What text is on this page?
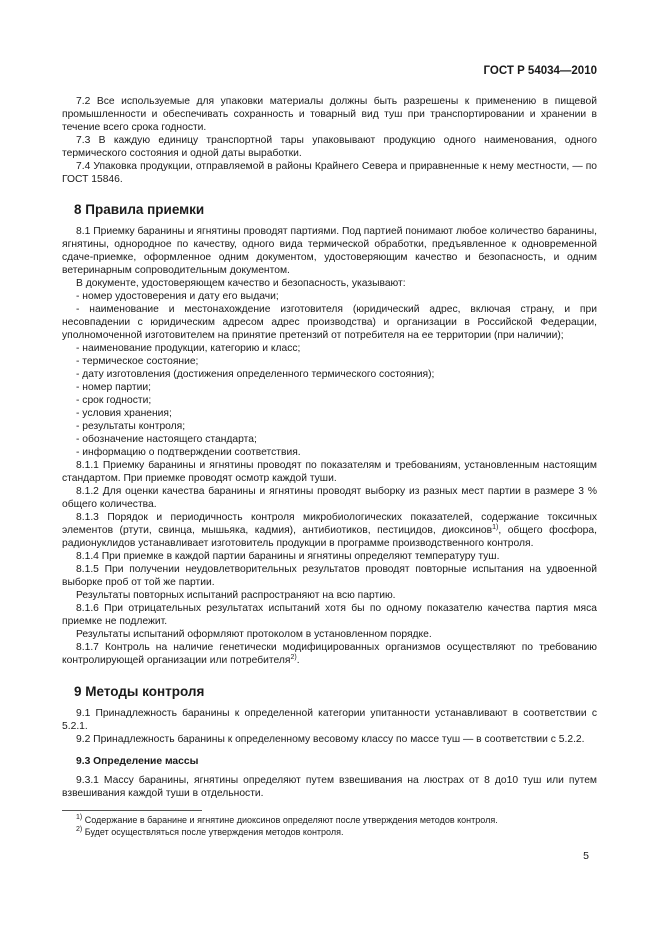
ГОСТ Р 54034—2010

7.2 Все используемые для упаковки материалы должны быть разрешены к применению в пищевой промышленности и обеспечивать сохранность и товарный вид туш при транспортировании и хранении в течение всего срока годности.

7.3 В каждую единицу транспортной тары упаковывают продукцию одного наименования, одного термического состояния и одной даты выработки.

7.4 Упаковка продукции, отправляемой в районы Крайнего Севера и приравненные к нему местности, — по ГОСТ 15846.

8 Правила приемки

8.1 Приемку баранины и ягнятины проводят партиями. Под партией понимают любое количество баранины, ягнятины, однородное по качеству, одного вида термической обработки, предъявленное к одновременной сдаче-приемке, оформленное одним документом, удостоверяющим качество и безопасность, и одним ветеринарным сопроводительным документом.

В документе, удостоверяющем качество и безопасность, указывают:

- номер удостоверения и дату его выдачи;

- наименование и местонахождение изготовителя (юридический адрес, включая страну, и при несовпадении с юридическим адресом адрес производства) и организации в Российской Федерации, уполномоченной изготовителем на принятие претензий от потребителя на ее территории (при наличии);

- наименование продукции, категорию и класс;

- термическое состояние;

- дату изготовления (достижения определенного термического состояния);

- номер партии;

- срок годности;

- условия хранения;

- результаты контроля;

- обозначение настоящего стандарта;

- информацию о подтверждении соответствия.

8.1.1 Приемку баранины и ягнятины проводят по показателям и требованиям, установленным настоящим стандартом. При приемке проводят осмотр каждой туши.

8.1.2 Для оценки качества баранины и ягнятины проводят выборку из разных мест партии в размере 3 % общего количества.

8.1.3 Порядок и периодичность контроля микробиологических показателей, содержание токсичных элементов (ртути, свинца, мышьяка, кадмия), антибиотиков, пестицидов, диоксинов$^{1)}$, общего фосфора, радионуклидов устанавливает изготовитель продукции в программе производственного контроля.

8.1.4 При приемке в каждой партии баранины и ягнятины определяют температуру туш.

8.1.5 При получении неудовлетворительных результатов проводят повторные испытания на удвоенной выборке проб от той же партии.

Результаты повторных испытаний распространяют на всю партию.

8.1.6 При отрицательных результатах испытаний хотя бы по одному показателю качества партия мяса приемке не подлежит.

Результаты испытаний оформляют протоколом в установленном порядке.

8.1.7 Контроль на наличие генетически модифицированных организмов осуществляют по требованию контролирующей организации или потребителя$^{2)}$.

9 Методы контроля

9.1 Принадлежность баранины к определенной категории упитанности устанавливают в соответствии с 5.2.1.

9.2 Принадлежность баранины к определенному весовому классу по массе туш — в соответствии с 5.2.2.

9.3 Определение массы

9.3.1 Массу баранины, ягнятины определяют путем взвешивания на люстрах от 8 до10 туш или путем взвешивания каждой туши в отдельности.

$^{1)}$ Содержание в баранине и ягнятине диоксинов определяют после утверждения методов контроля.

$^{2)}$ Будет осуществляться после утверждения методов контроля.

5
